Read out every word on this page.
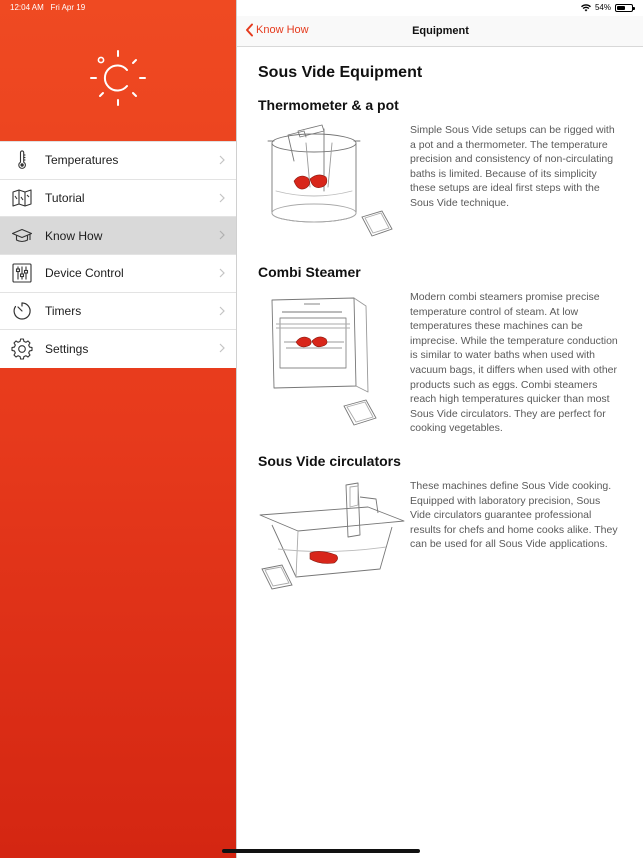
12:04 AM Fri Apr 19	54%
Temperatures
Tutorial
Know How
Device Control
Timers
Settings
Know How	Equipment
Sous Vide Equipment
Thermometer & a pot
Simple Sous Vide setups can be rigged with a pot and a thermometer. The temperature precision and consistency of non-circulating baths is limited. Because of its simplicity these setups are ideal first steps with the Sous Vide technique.
Combi Steamer
Modern combi steamers promise precise temperature control of steam. At low temperatures these machines can be imprecise. While the temperature conduction is similar to water baths when used with vacuum bags, it differs when used with other products such as eggs. Combi steamers reach high temperatures quicker than most Sous Vide circulators. They are perfect for cooking vegetables.
Sous Vide circulators
These machines define Sous Vide cooking. Equipped with laboratory precision, Sous Vide circulators guarantee professional results for chefs and home cooks alike. They can be used for all Sous Vide applications.
